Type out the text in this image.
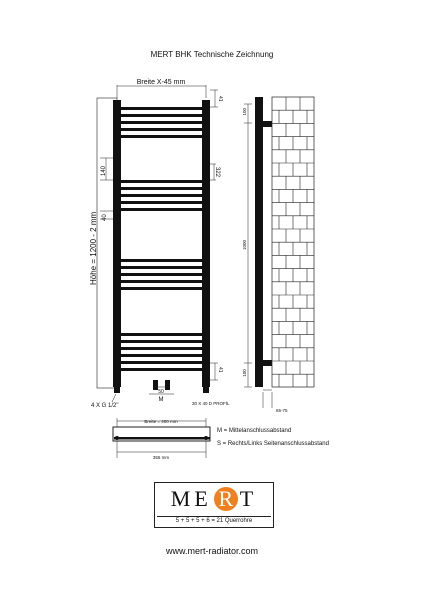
MERT BHK Technische Zeichnung
Breite X-45 mm
41
140
40
322
Höhe = 1200 - 2 mm
41
50
M
4 X G 1/2"	30 X 40 D PROFİL
100
1000
100
65-75
Breite = 400 mm
355 mm
M = Mittelanschlussabstand
S = Rechts/Links Seitenanschlussabstand
ME R T
5 + 5 + 5 + 6 = 21 Querrohre
www.mert-radiator.com
